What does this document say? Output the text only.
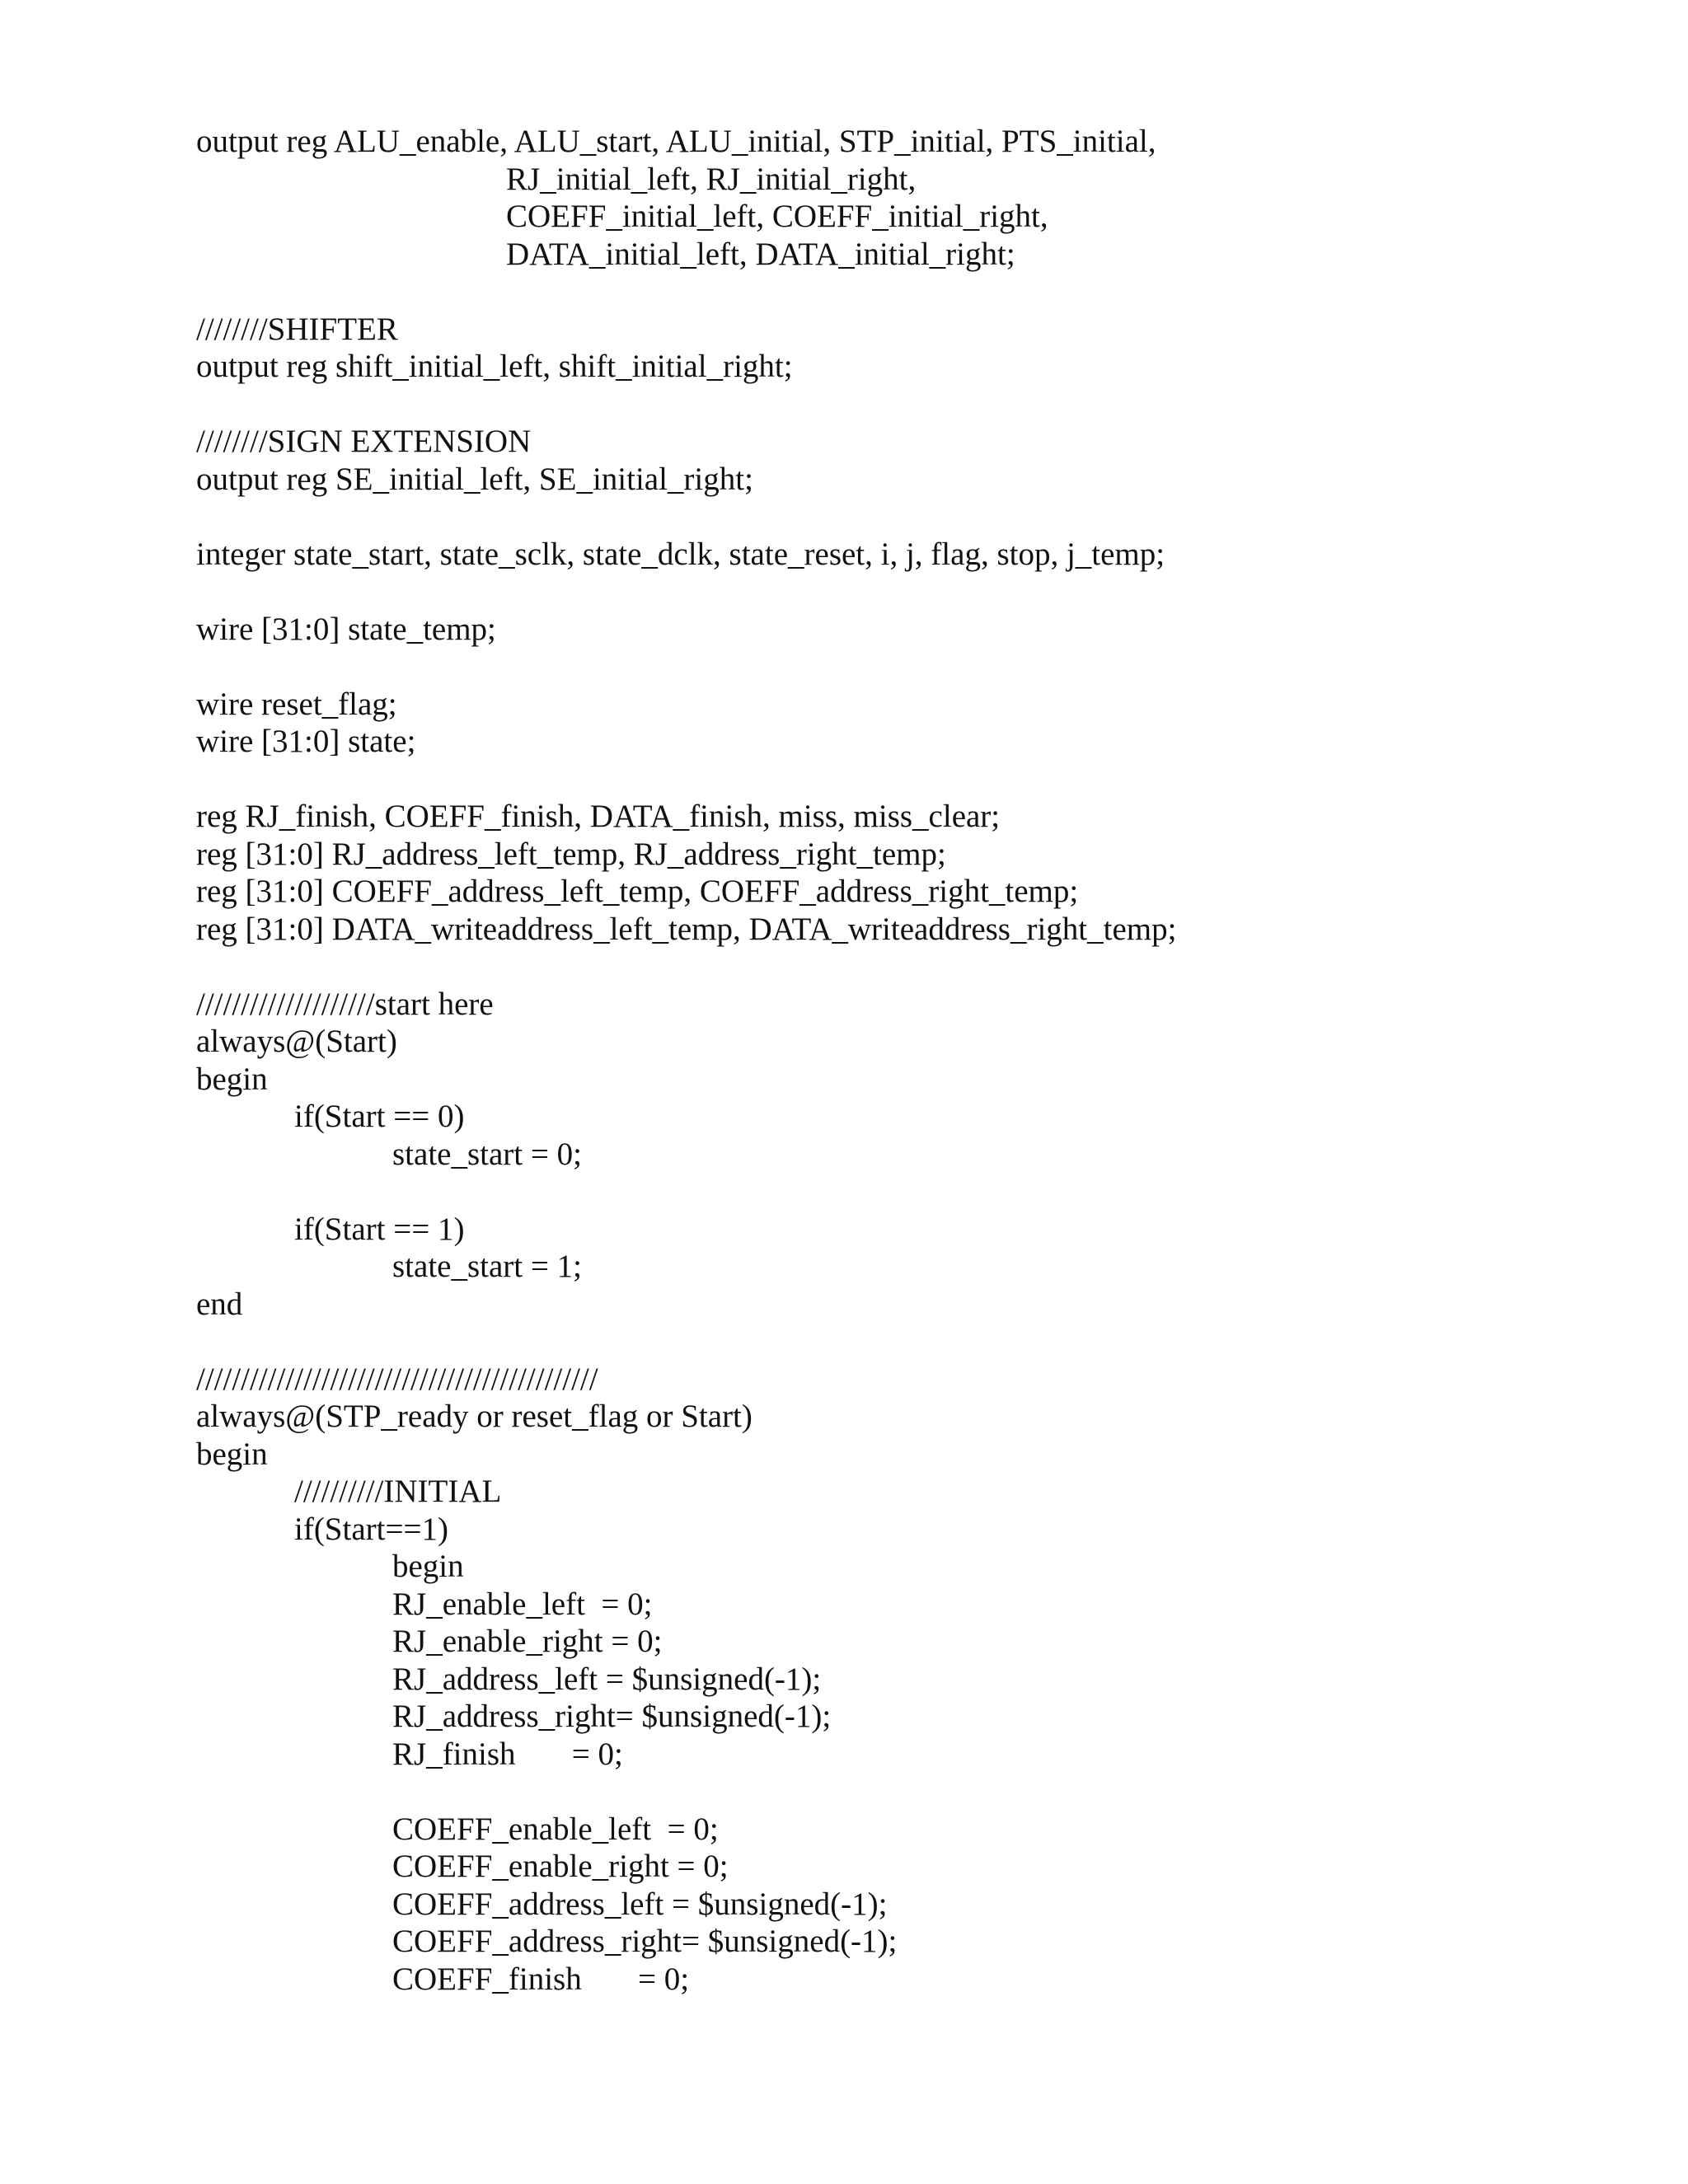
output reg ALU_enable, ALU_start, ALU_initial, STP_initial, PTS_initial,
RJ_initial_left, RJ_initial_right,
COEFF_initial_left, COEFF_initial_right,
DATA_initial_left, DATA_initial_right;
////////SHIFTER
output reg shift_initial_left, shift_initial_right;
////////SIGN EXTENSION
output reg SE_initial_left, SE_initial_right;
integer state_start, state_sclk, state_dclk, state_reset, i, j, flag, stop, j_temp;
wire [31:0] state_temp;
wire reset_flag;
wire [31:0] state;
reg RJ_finish, COEFF_finish, DATA_finish, miss, miss_clear;
reg [31:0] RJ_address_left_temp, RJ_address_right_temp;
reg [31:0] COEFF_address_left_temp, COEFF_address_right_temp;
reg [31:0] DATA_writeaddress_left_temp, DATA_writeaddress_right_temp;
////////////////////start here
always@(Start)
begin
if(Start == 0)
state_start = 0;
if(Start == 1)
state_start = 1;
end
/////////////////////////////////////////////
always@(STP_ready or reset_flag or Start)
begin
//////////INITIAL
if(Start==1)
begin
RJ_enable_left  = 0;
RJ_enable_right = 0;
RJ_address_left = $unsigned(-1);
RJ_address_right= $unsigned(-1);
RJ_finish       = 0;
COEFF_enable_left  = 0;
COEFF_enable_right = 0;
COEFF_address_left = $unsigned(-1);
COEFF_address_right= $unsigned(-1);
COEFF_finish       = 0;
